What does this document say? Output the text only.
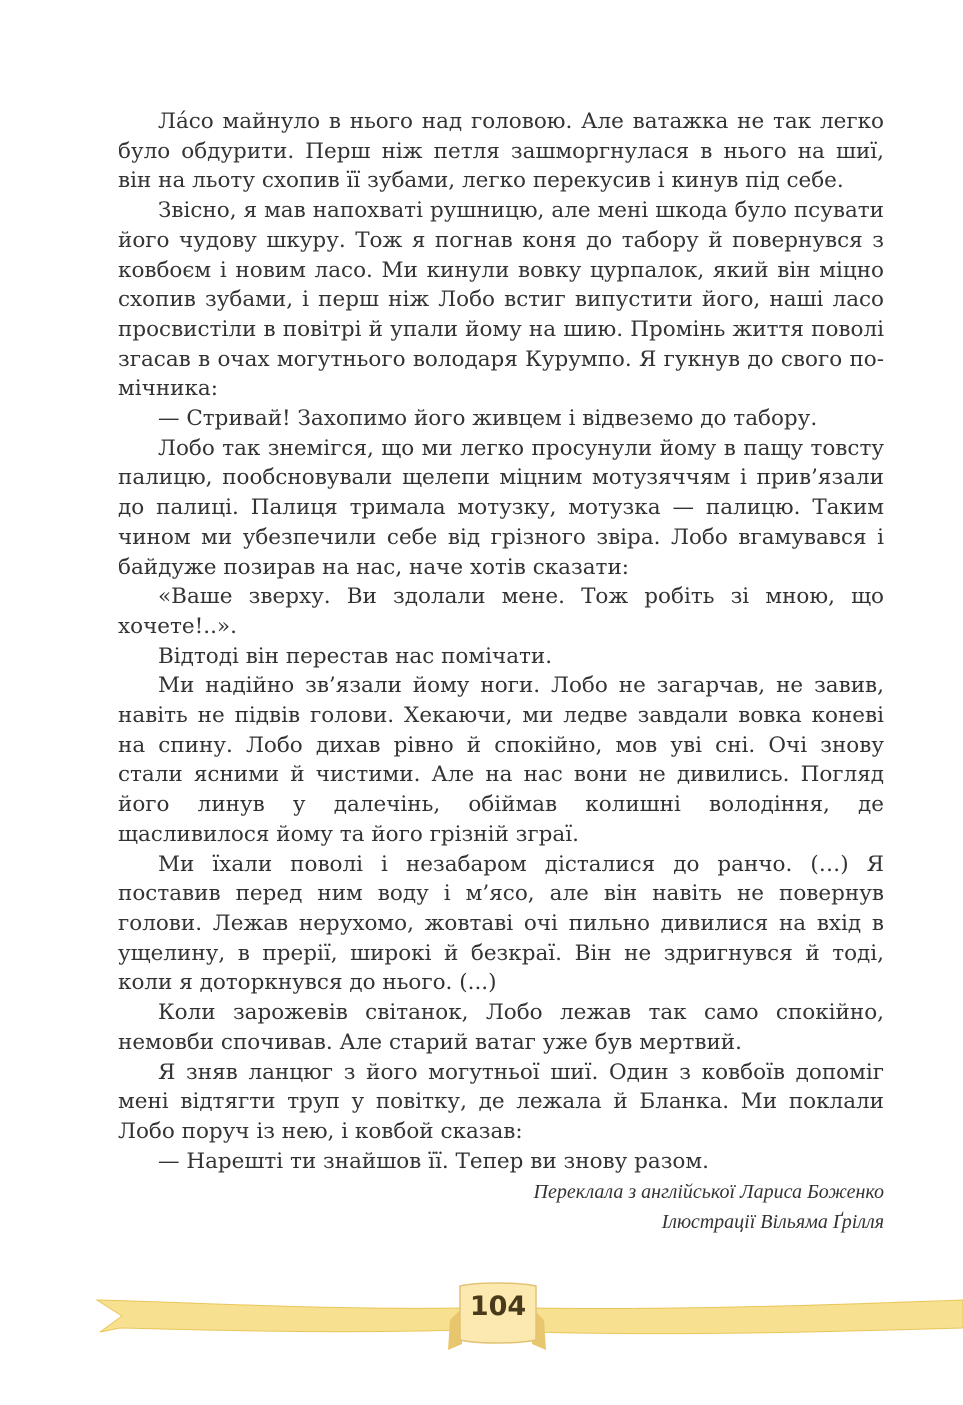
Ла́со майнуло в нього над головою. Але ватажка не так легко було обдурити. Перш ніж петля зашморгнулася в нього на шиї, він на льоту схопив її зубами, легко перекусив і кинув під себе.

Звісно, я мав напохваті рушницю, але мені шкода було псувати його чудову шкуру. Тож я погнав коня до табору й повернувся з ковбоєм і новим ласо. Ми кинули вовку цурпалок, який він міцно схопив зубами, і перш ніж Лобо встиг випустити його, наші ласо просвистіли в повітрі й упали йому на шию. Промінь життя поволі згасав в очах могутнього володаря Курумпо. Я гукнув до свого помічника:

— Стривай! Захопимо його живцем і відвеземо до табору.

Лобо так знемігся, що ми легко просунули йому в пащу товсту палицю, пообсновували щелепи міцним мотузяччям і прив’язали до палиці. Палиця тримала мотузку, мотузка — палицю. Таким чином ми убезпечили себе від грізного звіра. Лобо вгамувався і байдуже позирав на нас, наче хотів сказати:

«Ваше зверху. Ви здолали мене. Тож робіть зі мною, що хочете!..».

Відтоді він перестав нас помічати.

Ми надійно зв’язали йому ноги. Лобо не загарчав, не завив, навіть не підвів голови. Хекаючи, ми ледве завдали вовка коневі на спину. Лобо дихав рівно й спокійно, мов уві сні. Очі знову стали ясними й чистими. Але на нас вони не дивились. Погляд його линув у далечінь, обіймав колишні володіння, де щасливилося йому та його грізній зграї.

Ми їхали поволі і незабаром дісталися до ранчо. (…) Я поставив перед ним воду і м’ясо, але він навіть не повернув голови. Лежав нерухомо, жовтаві очі пильно дивилися на вхід в ущелину, в прерії, широкі й безкраї. Він не здригнувся й тоді, коли я доторкнувся до нього. (...)

Коли зарожевів світанок, Лобо лежав так само спокійно, немовби спочивав. Але старий ватаг уже був мертвий.

Я зняв ланцюг з його могутньої шиї. Один з ковбоїв допоміг мені відтягти труп у повітку, де лежала й Бланка. Ми поклали Лобо поруч із нею, і ковбой сказав:

— Нарешті ти знайшов її. Тепер ви знову разом.

Переклала з англійської Лариса Боженко

Ілюстрації Вільяма Ґрілля

104
